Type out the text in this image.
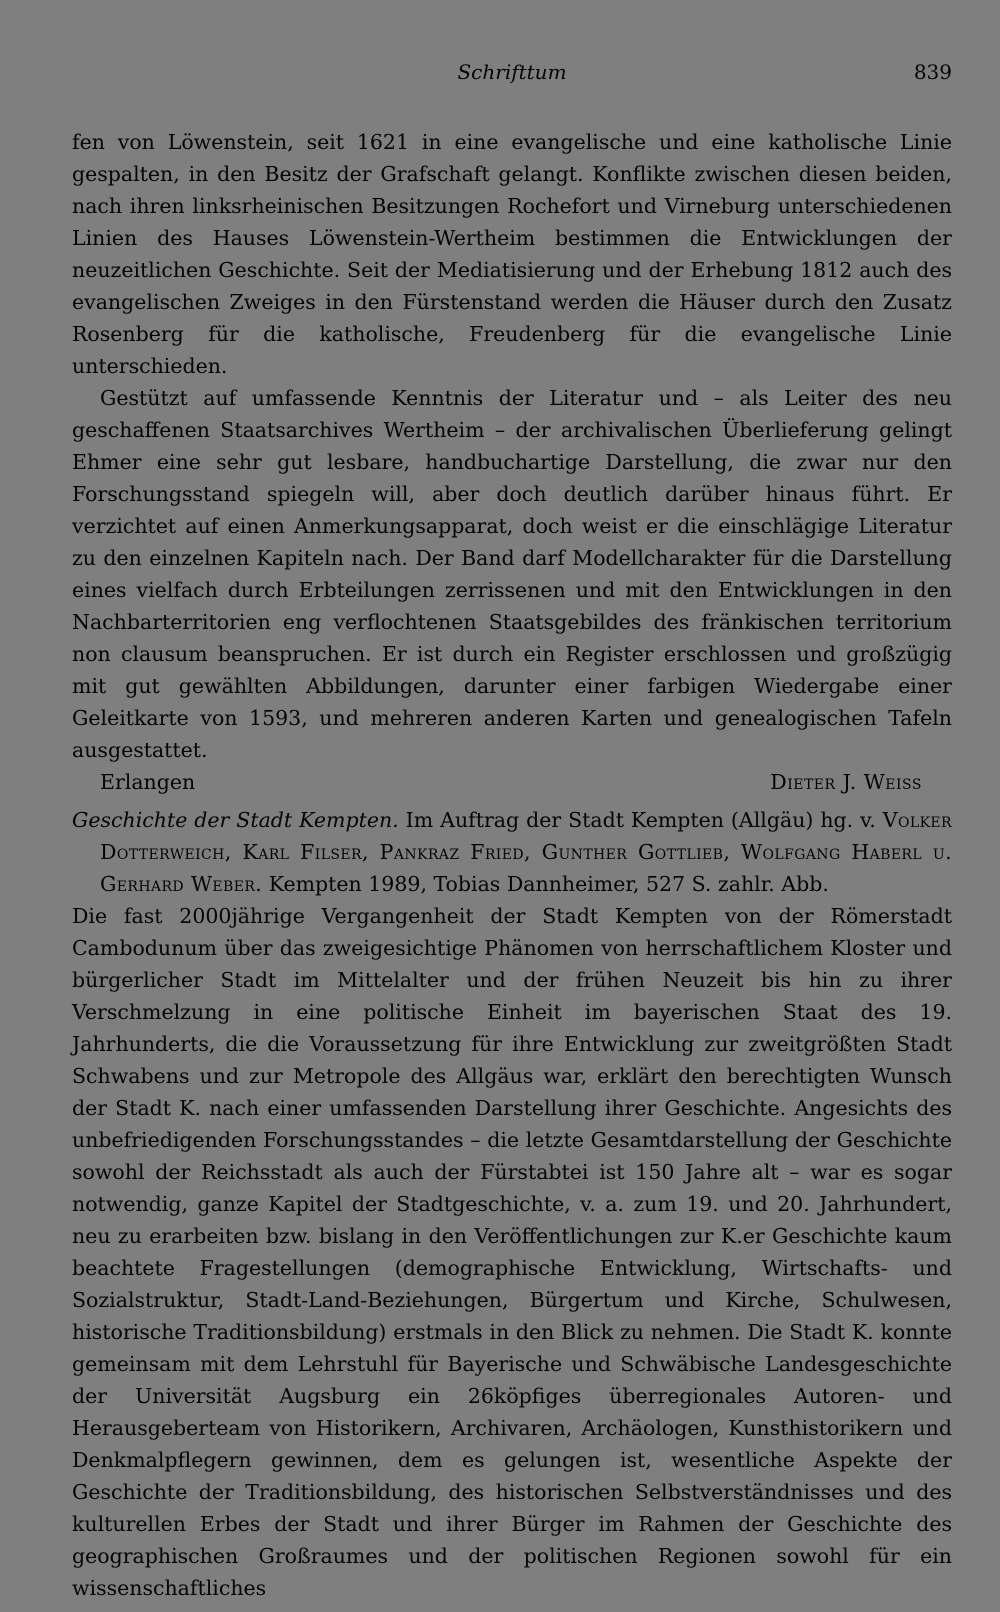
Schrifttum	839

fen von Löwenstein, seit 1621 in eine evangelische und eine katholische Linie gespalten, in den Besitz der Grafschaft gelangt. Konflikte zwischen diesen beiden, nach ihren linksrheinischen Besitzungen Rochefort und Virneburg unterschiedenen Linien des Hauses Löwenstein-Wertheim bestimmen die Entwicklungen der neuzeitlichen Geschichte. Seit der Mediatisierung und der Erhebung 1812 auch des evangelischen Zweiges in den Fürstenstand werden die Häuser durch den Zusatz Rosenberg für die katholische, Freudenberg für die evangelische Linie unterschieden.

Gestützt auf umfassende Kenntnis der Literatur und – als Leiter des neu geschaffenen Staatsarchives Wertheim – der archivalischen Überlieferung gelingt Ehmer eine sehr gut lesbare, handbuchartige Darstellung, die zwar nur den Forschungsstand spiegeln will, aber doch deutlich darüber hinaus führt. Er verzichtet auf einen Anmerkungsapparat, doch weist er die einschlägige Literatur zu den einzelnen Kapiteln nach. Der Band darf Modellcharakter für die Darstellung eines vielfach durch Erbteilungen zerrissenen und mit den Entwicklungen in den Nachbarterritorien eng verflochtenen Staatsgebildes des fränkischen territorium non clausum beanspruchen. Er ist durch ein Register erschlossen und großzügig mit gut gewählten Abbildungen, darunter einer farbigen Wiedergabe einer Geleitkarte von 1593, und mehreren anderen Karten und genealogischen Tafeln ausgestattet.

Erlangen	Dieter J. Weiss

Geschichte der Stadt Kempten. Im Auftrag der Stadt Kempten (Allgäu) hg. v. Volker Dotterweich, Karl Filser, Pankraz Fried, Gunther Gottlieb, Wolfgang Haberl u. Gerhard Weber. Kempten 1989, Tobias Dannheimer, 527 S. zahlr. Abb.

Die fast 2000jährige Vergangenheit der Stadt Kempten von der Römerstadt Cambodunum über das zweigesichtige Phänomen von herrschaftlichem Kloster und bürgerlicher Stadt im Mittelalter und der frühen Neuzeit bis hin zu ihrer Verschmelzung in eine politische Einheit im bayerischen Staat des 19. Jahrhunderts, die die Voraussetzung für ihre Entwicklung zur zweitgrößten Stadt Schwabens und zur Metropole des Allgäus war, erklärt den berechtigten Wunsch der Stadt K. nach einer umfassenden Darstellung ihrer Geschichte. Angesichts des unbefriedigenden Forschungsstandes – die letzte Gesamtdarstellung der Geschichte sowohl der Reichsstadt als auch der Fürstabtei ist 150 Jahre alt – war es sogar notwendig, ganze Kapitel der Stadtgeschichte, v. a. zum 19. und 20. Jahrhundert, neu zu erarbeiten bzw. bislang in den Veröffentlichungen zur K.er Geschichte kaum beachtete Fragestellungen (demographische Entwicklung, Wirtschafts- und Sozialstruktur, Stadt-Land-Beziehungen, Bürgertum und Kirche, Schulwesen, historische Traditionsbildung) erstmals in den Blick zu nehmen. Die Stadt K. konnte gemeinsam mit dem Lehrstuhl für Bayerische und Schwäbische Landesgeschichte der Universität Augsburg ein 26köpfiges überregionales Autoren- und Herausgeberteam von Historikern, Archivaren, Archäologen, Kunsthistorikern und Denkmalpflegern gewinnen, dem es gelungen ist, wesentliche Aspekte der Geschichte der Traditionsbildung, des historischen Selbstverständnisses und des kulturellen Erbes der Stadt und ihrer Bürger im Rahmen der Geschichte des geographischen Großraumes und der politischen Regionen sowohl für ein wissenschaftliches
